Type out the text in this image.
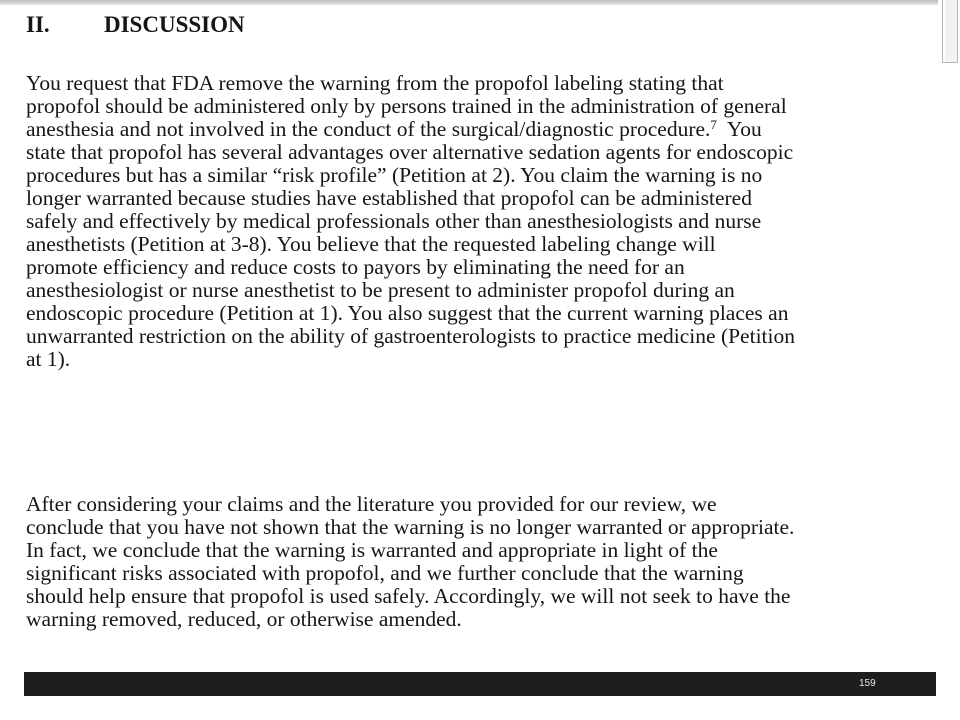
II. DISCUSSION

You request that FDA remove the warning from the propofol labeling stating that
propofol should be administered only by persons trained in the administration of general
anesthesia and not involved in the conduct of the surgical/diagnostic procedure.$^7$ You
state that propofol has several advantages over alternative sedation agents for endoscopic
procedures but has a similar “risk profile” (Petition at 2). You claim the warning is no
longer warranted because studies have established that propofol can be administered
safely and effectively by medical professionals other than anesthesiologists and nurse
anesthetists (Petition at 3-8). You believe that the requested labeling change will
promote efficiency and reduce costs to payors by eliminating the need for an
anesthesiologist or nurse anesthetist to be present to administer propofol during an
endoscopic procedure (Petition at 1). You also suggest that the current warning places an
unwarranted restriction on the ability of gastroenterologists to practice medicine (Petition
at 1).

After considering your claims and the literature you provided for our review, we
conclude that you have not shown that the warning is no longer warranted or appropriate.
In fact, we conclude that the warning is warranted and appropriate in light of the
significant risks associated with propofol, and we further conclude that the warning
should help ensure that propofol is used safely. Accordingly, we will not seek to have the
warning removed, reduced, or otherwise amended.

159
